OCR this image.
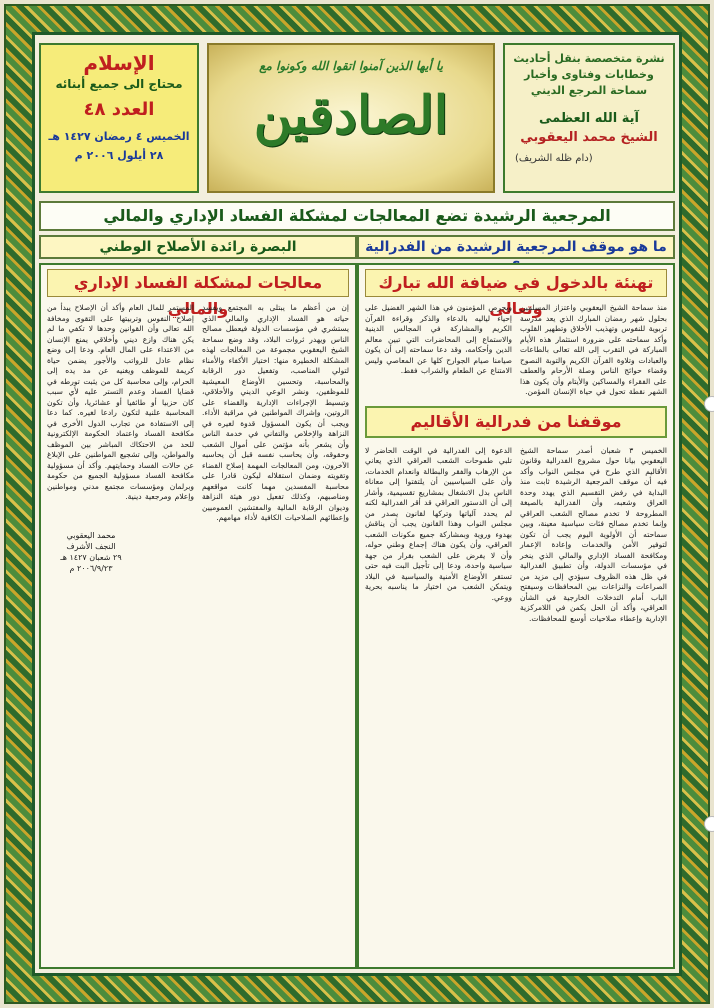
نشرة متخصصة بنقل أحاديث
وخطابات وفتاوى وأخبار
سماحة المرجع الديني
آية الله العظمى
الشيخ محمد اليعقوبي
(دام ظله الشريف)
يا أيها الذين آمنوا اتقوا الله وكونوا مع
الصادقين
الإسلام
محتاج الى جميع أبنائه
العدد ٤٨
الخميس ٤ رمضان ١٤٢٧ هـ
٢٨ أيلول ٢٠٠٦ م
المرجعية الرشيدة تضع المعالجات لمشكلة الفساد الإداري والمالي
ما هو موقف المرجعية الرشيدة من الفدرالية
البصرة رائدة الأصلاح الوطني
تهنئة بالدخول في ضيافة الله تبارك وتعالى
منذ سماحة الشيخ اليعقوبي واعتزاز المسلمين بحلول شهر رمضان المبارك الذي يعد مدرسة تربوية للنفوس وتهذيب الأخلاق وتطهير القلوب وأكد سماحته على ضرورة استثمار هذه الأيام المباركة في التقرب إلى الله تعالى بالطاعات والعبادات وتلاوة القرآن الكريم والتوبة النصوح وقضاء حوائج الناس وصلة الأرحام والعطف على الفقراء والمساكين والأيتام وأن يكون هذا الشهر نقطة تحول في حياة الإنسان المؤمن.
ويحرص المؤمنون في هذا الشهر الفضيل على إحياء لياليه بالدعاء والذكر وقراءة القرآن الكريم والمشاركة في المجالس الدينية والاستماع إلى المحاضرات التي تبين معالم الدين وأحكامه، وقد دعا سماحته إلى أن يكون صيامنا صيام الجوارح كلها عن المعاصي وليس الامتناع عن الطعام والشراب فقط.
موقفنا من فدرالية الأقاليم
الخميس ٣ شعبان أصدر سماحة الشيخ اليعقوبي بيانا حول مشروع الفدرالية وقانون الأقاليم الذي طرح في مجلس النواب وأكد فيه أن موقف المرجعية الرشيدة ثابت منذ البداية في رفض التقسيم الذي يهدد وحدة العراق وشعبه، وأن الفدرالية بالصيغة المطروحة لا تخدم مصالح الشعب العراقي وإنما تخدم مصالح فئات سياسية معينة، وبين سماحته أن الأولوية اليوم يجب أن تكون لتوفير الأمن والخدمات وإعادة الإعمار ومكافحة الفساد الإداري والمالي الذي ينخر في مؤسسات الدولة، وأن تطبيق الفدرالية في ظل هذه الظروف سيؤدي إلى مزيد من الصراعات والنزاعات بين المحافظات وسيفتح الباب أمام التدخلات الخارجية في الشأن العراقي، وأكد أن الحل يكمن في اللامركزية الإدارية وإعطاء صلاحيات أوسع للمحافظات.
الدعوة إلى الفدرالية في الوقت الحاضر لا تلبي طموحات الشعب العراقي الذي يعاني من الإرهاب والفقر والبطالة وانعدام الخدمات، وأن على السياسيين أن يلتفتوا إلى معاناة الناس بدل الانشغال بمشاريع تقسيمية، وأشار إلى أن الدستور العراقي قد أقر الفدرالية لكنه لم يحدد آلياتها وتركها لقانون يصدر من مجلس النواب وهذا القانون يجب أن يناقش بهدوء وروية وبمشاركة جميع مكونات الشعب العراقي، وأن يكون هناك إجماع وطني حوله، وأن لا يفرض على الشعب بقرار من جهة سياسية واحدة، ودعا إلى تأجيل البت فيه حتى تستقر الأوضاع الأمنية والسياسية في البلاد ويتمكن الشعب من اختيار ما يناسبه بحرية ووعي.
معالجات لمشكلة الفساد الإداري والمالي
إن من أعظم ما يبتلى به المجتمع ويفسد حياته هو الفساد الإداري والمالي الذي يستشري في مؤسسات الدولة فيعطل مصالح الناس ويهدر ثروات البلاد، وقد وضع سماحة الشيخ اليعقوبي مجموعة من المعالجات لهذه المشكلة الخطيرة منها: اختيار الأكفاء والأمناء لتولي المناصب، وتفعيل دور الرقابة والمحاسبة، وتحسين الأوضاع المعيشية للموظفين، ونشر الوعي الديني والأخلاقي، وتبسيط الإجراءات الإدارية والقضاء على الروتين، وإشراك المواطنين في مراقبة الأداء. ويجب أن يكون المسؤول قدوة لغيره في النزاهة والإخلاص والتفاني في خدمة الناس وأن يشعر بأنه مؤتمن على أموال الشعب وحقوقه، وأن يحاسب نفسه قبل أن يحاسبه الآخرون، ومن المعالجات المهمة إصلاح القضاء وتقويته وضمان استقلاله ليكون قادرا على محاسبة المفسدين مهما كانت مواقعهم ومناصبهم، وكذلك تفعيل دور هيئة النزاهة وديوان الرقابة المالية والمفتشين العموميين وإعطائهم الصلاحيات الكافية لأداء مهامهم.
المستمر للمال العام وأكد أن الإصلاح يبدأ من إصلاح النفوس وتربيتها على التقوى ومخافة الله تعالى وأن القوانين وحدها لا تكفي ما لم يكن هناك وازع ديني وأخلاقي يمنع الإنسان من الاعتداء على المال العام. ودعا إلى وضع نظام عادل للرواتب والأجور يضمن حياة كريمة للموظف ويغنيه عن مد يده إلى الحرام، وإلى محاسبة كل من يثبت تورطه في قضايا الفساد وعدم التستر عليه لأي سبب كان حزبيا أو طائفيا أو عشائريا، وأن تكون المحاسبة علنية لتكون رادعا لغيره. كما دعا إلى الاستفادة من تجارب الدول الأخرى في مكافحة الفساد واعتماد الحكومة الإلكترونية للحد من الاحتكاك المباشر بين الموظف والمواطن، وإلى تشجيع المواطنين على الإبلاغ عن حالات الفساد وحمايتهم. وأكد أن مسؤولية مكافحة الفساد مسؤولية الجميع من حكومة وبرلمان ومؤسسات مجتمع مدني ومواطنين وإعلام ومرجعية دينية.
محمد اليعقوبي
النجف الأشرف
٢٩ شعبان ١٤٢٧ هـ
٢٠٠٦/٩/٢٣ م
